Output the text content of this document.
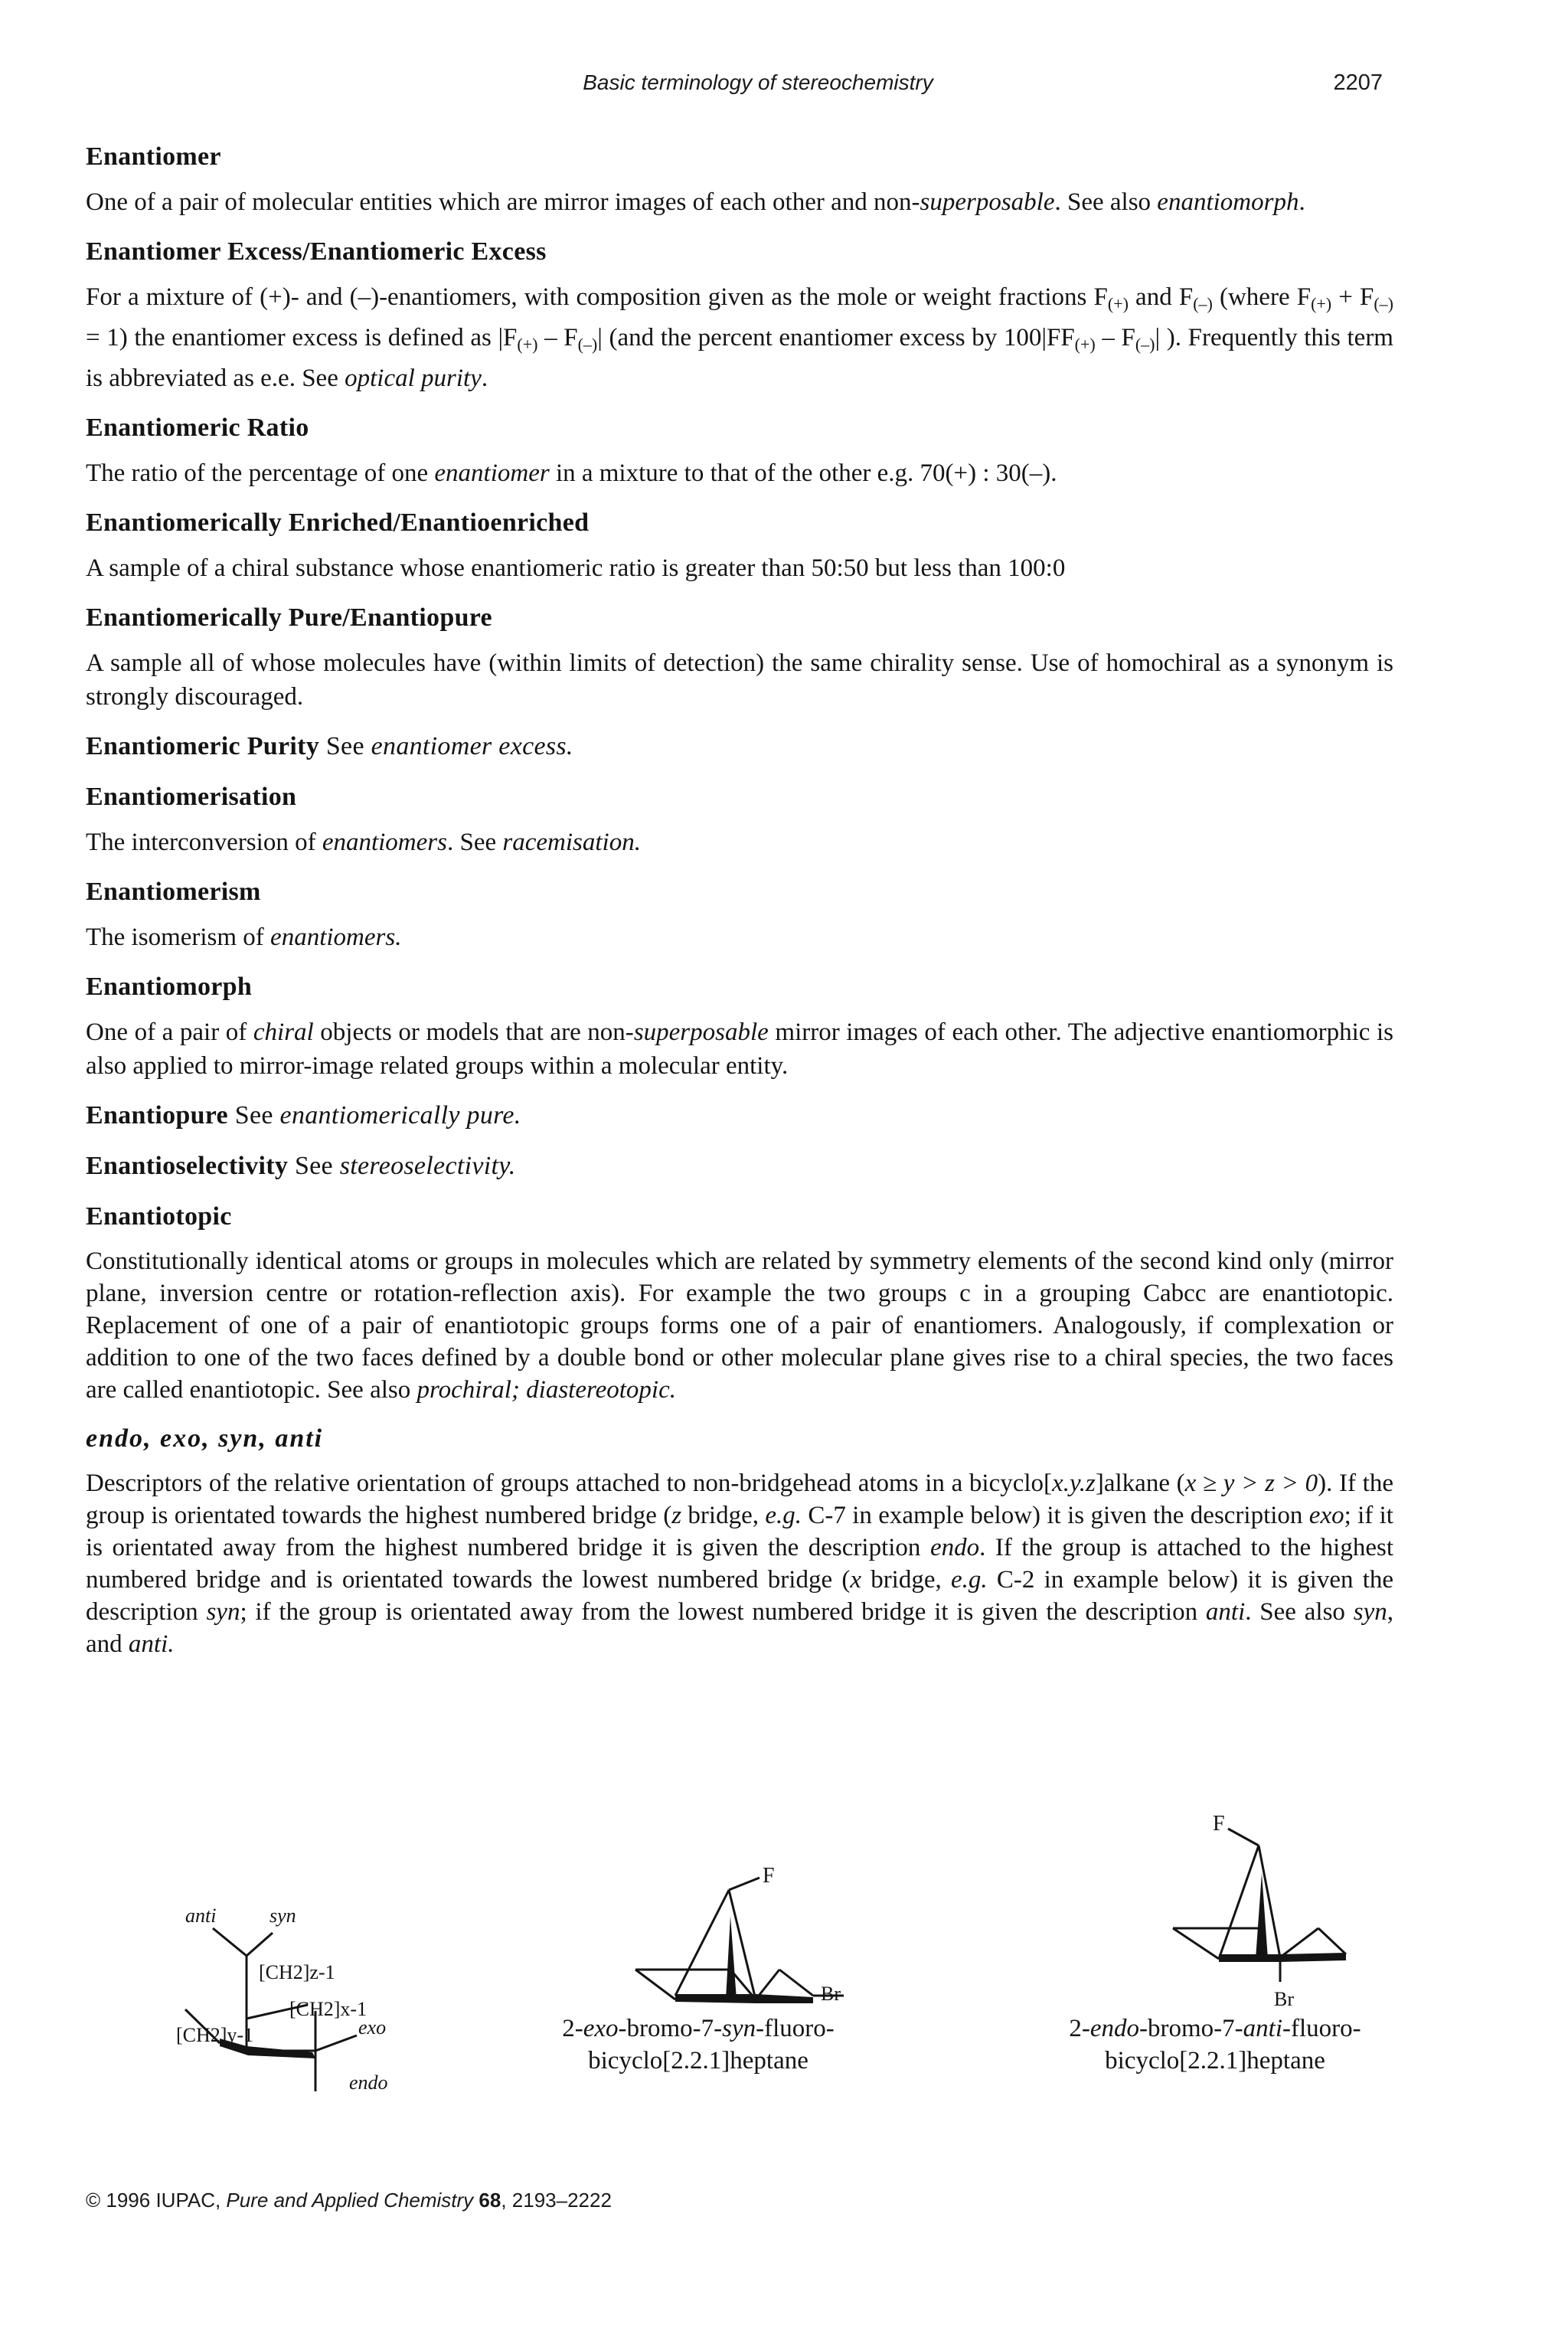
Basic terminology of stereochemistry	2207
Enantiomer

One of a pair of molecular entities which are mirror images of each other and non-superposable. See also enantiomorph.

Enantiomer Excess/Enantiomeric Excess

For a mixture of (+)- and (–)-enantiomers, with composition given as the mole or weight fractions $F_{(+)}$ and $F_{(-)}$ (where $F_{(+)} + F_{(-)} = 1$) the enantiomer excess is defined as $|F_{(+)} - F_{(-)}|$ (and the percent enantiomer excess by $100|FF_{(+)} - F_{(-)}|$ ). Frequently this term is abbreviated as e.e. See optical purity.

Enantiomeric Ratio

The ratio of the percentage of one enantiomer in a mixture to that of the other e.g. 70(+) : 30(–).

Enantiomerically Enriched/Enantioenriched

A sample of a chiral substance whose enantiomeric ratio is greater than 50:50 but less than 100:0

Enantiomerically Pure/Enantiopure

A sample all of whose molecules have (within limits of detection) the same chirality sense. Use of homochiral as a synonym is strongly discouraged.

Enantiomeric Purity See enantiomer excess.
Enantiomerisation

The interconversion of enantiomers. See racemisation.

Enantiomerism

The isomerism of enantiomers.

Enantiomorph

One of a pair of chiral objects or models that are non-superposable mirror images of each other. The adjective enantiomorphic is also applied to mirror-image related groups within a molecular entity.

Enantiopure See enantiomerically pure.
Enantioselectivity See stereoselectivity.
Enantiotopic

Constitutionally identical atoms or groups in molecules which are related by symmetry elements of the second kind only (mirror plane, inversion centre or rotation-reflection axis). For example the two groups c in a grouping Cabcc are enantiotopic. Replacement of one of a pair of enantiotopic groups forms one of a pair of enantiomers. Analogously, if complexation or addition to one of the two faces defined by a double bond or other molecular plane gives rise to a chiral species, the two faces are called enantiotopic. See also prochiral; diastereotopic.

endo, exo, syn, anti

Descriptors of the relative orientation of groups attached to non-bridgehead atoms in a bicyclo[x.y.z]alkane (x ≥ y > z > 0). If the group is orientated towards the highest numbered bridge (z bridge, e.g. C-7 in example below) it is given the description exo; if it is orientated away from the highest numbered bridge it is given the description endo. If the group is attached to the highest numbered bridge and is orientated towards the lowest numbered bridge (x bridge, e.g. C-2 in example below) it is given the description syn; if the group is orientated away from the lowest numbered bridge it is given the description anti. See also syn, and anti.

anti	syn
[CH2]z-1
[CH2]x-1
[CH2]y-1	exo
endo
F
Br
2-exo-bromo-7-syn-fluoro-
bicyclo[2.2.1]heptane
F
Br
2-endo-bromo-7-anti-fluoro-
bicyclo[2.2.1]heptane
© 1996 IUPAC, Pure and Applied Chemistry 68, 2193–2222
